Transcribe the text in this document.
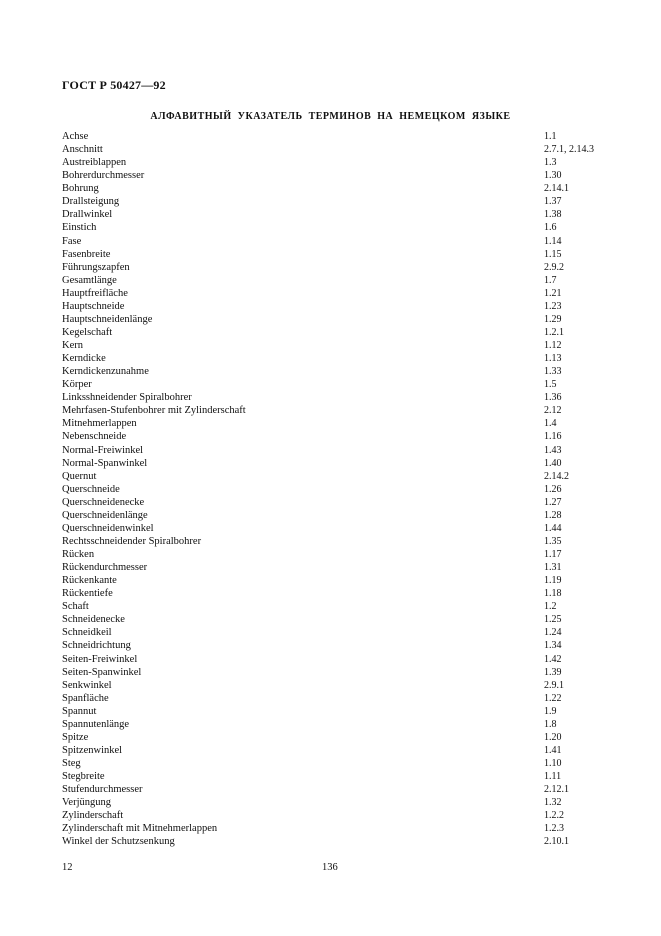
ГОСТ Р 50427—92
АЛФАВИТНЫЙ УКАЗАТЕЛЬ ТЕРМИНОВ НА НЕМЕЦКОМ ЯЗЫКЕ
Achse	1.1
Anschnitt	2.7.1, 2.14.3
Austreiblappen	1.3
Bohrerdurchmesser	1.30
Bohrung	2.14.1
Drallsteigung	1.37
Drallwinkel	1.38
Einstich	1.6
Fase	1.14
Fasenbreite	1.15
Führungszapfen	2.9.2
Gesamtlänge	1.7
Hauptfreifläche	1.21
Hauptschneide	1.23
Hauptschneidenlänge	1.29
Kegelschaft	1.2.1
Kern	1.12
Kerndicke	1.13
Kerndickenzunahme	1.33
Körper	1.5
Linksshneidender Spiralbohrer	1.36
Mehrfasen-Stufenbohrer mit Zylinderschaft	2.12
Mitnehmerlappen	1.4
Nebenschneide	1.16
Normal-Freiwinkel	1.43
Normal-Spanwinkel	1.40
Quernut	2.14.2
Querschneide	1.26
Querschneidenecke	1.27
Querschneidenlänge	1.28
Querschneidenwinkel	1.44
Rechtsschneidender Spiralbohrer	1.35
Rücken	1.17
Rückendurchmesser	1.31
Rückenkante	1.19
Rückentiefe	1.18
Schaft	1.2
Schneidenecke	1.25
Schneidkeil	1.24
Schneidrichtung	1.34
Seiten-Freiwinkel	1.42
Seiten-Spanwinkel	1.39
Senkwinkel	2.9.1
Spanfläche	1.22
Spannut	1.9
Spannutenlänge	1.8
Spitze	1.20
Spitzenwinkel	1.41
Steg	1.10
Stegbreite	1.11
Stufendurchmesser	2.12.1
Verjüngung	1.32
Zylinderschaft	1.2.2
Zylinderschaft mit Mitnehmerlappen	1.2.3
Winkel der Schutzsenkung	2.10.1
12	136
